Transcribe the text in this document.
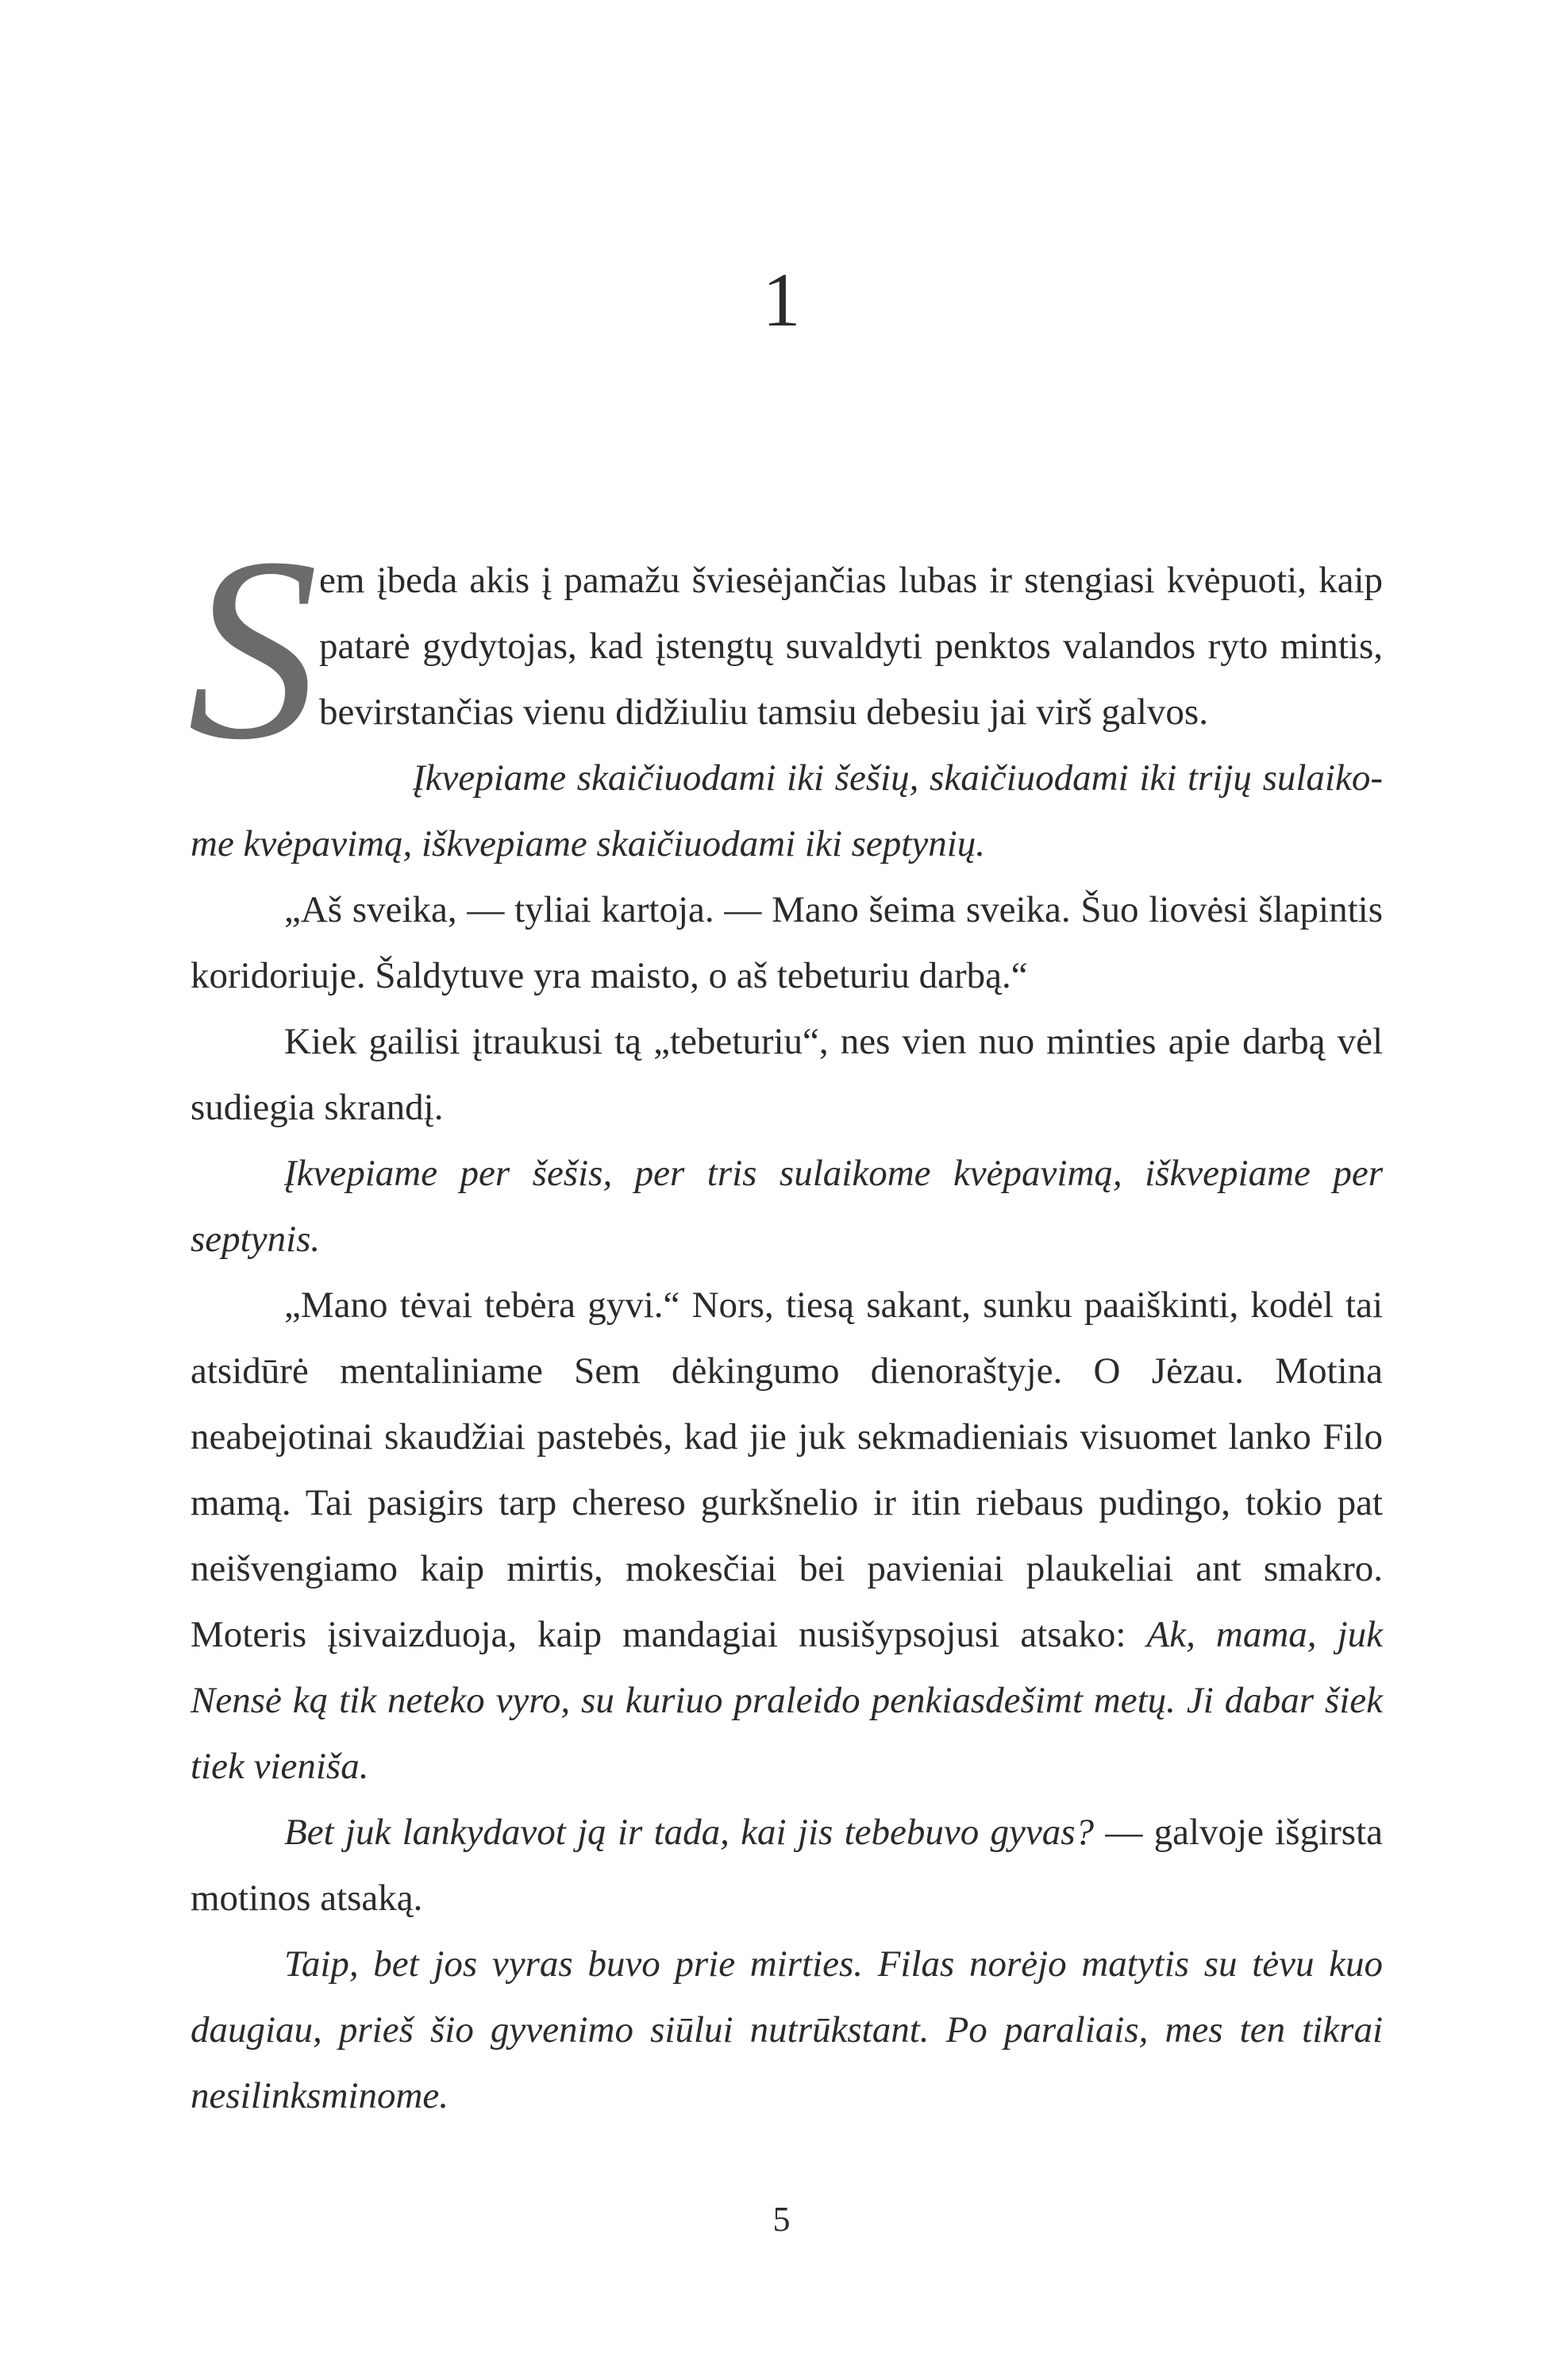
1

Sem įbeda akis į pamažu šviesėjančias lubas ir stengiasi kvėpuoti, kaip patarė gydytojas, kad įstengtų suvaldyti penktos valandos ryto mintis, bevirstančias vienu didžiuliu tamsiu debesiu jai virš galvos.

Įkvepiame skaičiuodami iki šešių, skaičiuodami iki trijų sulaikome kvėpavimą, iškvepiame skaičiuodami iki septynių.

„Aš sveika, — tyliai kartoja. — Mano šeima sveika. Šuo liovėsi šlapintis koridoriuje. Šaldytuve yra maisto, o aš tebeturiu darbą.“

Kiek gailisi įtraukusi tą „tebeturiu“, nes vien nuo minties apie darbą vėl sudiegia skrandį.

Įkvepiame per šešis, per tris sulaikome kvėpavimą, iškvepiame per septynis.

„Mano tėvai tebėra gyvi.“ Nors, tiesą sakant, sunku paaiškinti, kodėl tai atsidūrė mentaliniame Sem dėkingumo dienoraštyje. O Jėzau. Motina neabejotinai skaudžiai pastebės, kad jie juk sekmadieniais visuomet lanko Filo mamą. Tai pasigirs tarp chereso gurkšnelio ir itin riebaus pudingo, tokio pat neišvengiamo kaip mirtis, mokesčiai bei pavieniai plaukeliai ant smakro. Moteris įsivaizduoja, kaip mandagiai nusišypsojusi atsako: Ak, mama, juk Nensė ką tik neteko vyro, su kuriuo praleido penkiasdešimt metų. Ji dabar šiek tiek vieniša.

Bet juk lankydavot ją ir tada, kai jis tebebuvo gyvas? — galvoje išgirsta motinos atsaką.

Taip, bet jos vyras buvo prie mirties. Filas norėjo matytis su tėvu kuo daugiau, prieš šio gyvenimo siūlui nutrūkstant. Po paraliais, mes ten tikrai nesilinksminome.

5
